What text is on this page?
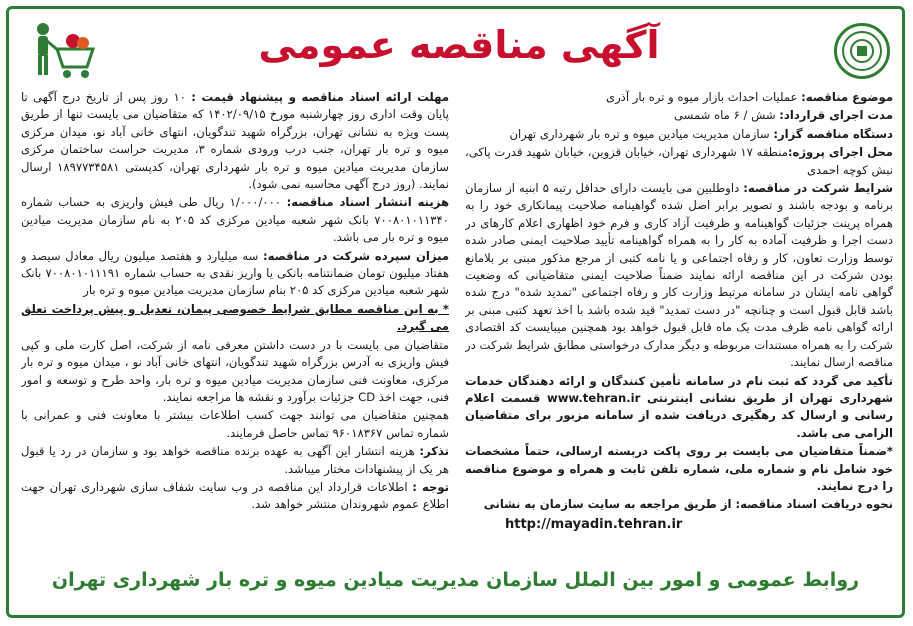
آگهی مناقصه عمومی

موضوع مناقصه: عملیات احداث بازار میوه و تره بار آذری

مدت اجرای قرارداد: شش / ۶ ماه شمسی

دستگاه مناقصه گزار: سازمان مدیریت میادین میوه و تره بار شهرداری تهران

محل اجرای پروژه:منطقه ۱۷ شهرداری تهران، خیابان قزوین، خیابان شهید قدرت پاکی، نبش کوچه احمدی

شرایط شرکت در مناقصه: داوطلبین می بایست دارای حداقل رتبه ۵ ابنیه از سازمان برنامه و بودجه باشند و تصویر برابر اصل شده گواهینامه صلاحیت پیمانکاری خود را به همراه پرینت جزئیات گواهینامه و ظرفیت آزاد کاری و فرم خود اظهاری اعلام کارهای در دست اجرا و ظرفیت آماده به کار را به همراه گواهینامه تأیید صلاحیت ایمنی صادر شده توسط وزارت تعاون، کار و رفاه اجتماعی و یا نامه کتبی از مرجع مذکور مبنی بر بلامانع بودن شرکت در این مناقصه ارائه نمایند ضمناً صلاحیت ایمنی متقاضیانی که وضعیت گواهی نامه ایشان در سامانه مرتبط وزارت کار و رفاه اجتماعی "تمدید شده" درج شده باشد قابل قبول است و چنانچه "در دست تمدید" قید شده باشد با اخذ تعهد کتبی مبنی بر ارائه گواهی نامه ظرف مدت یک ماه قابل قبول خواهد بود همچنین میبایست کد اقتصادی شرکت را به همراه مستندات مربوطه و دیگر مدارک درخواستی مطابق شرایط شرکت در مناقصه ارسال نمایند.

تأکید می گردد که ثبت نام در سامانه تأمین کنندگان و ارائه دهندگان خدمات شهرداری تهران از طریق نشانی اینترنتی www.tehran.ir قسمت اعلام رسانی و ارسال کد رهگیری دریافت شده از سامانه مزبور برای متقاضیان الزامی می باشد.

*ضمناً متقاضیان می بایست بر روی پاکت دربسته ارسالی، حتماً مشخصات خود شامل نام و شماره ملی، شماره تلفن ثابت و همراه و موضوع مناقصه را درج نمایند.

نحوه دریافت اسناد مناقصه: از طریق مراجعه به سایت سازمان به نشانی
http://mayadin.tehran.ir

مهلت ارائه اسناد مناقصه و پیشنهاد قیمت : ۱۰ روز پس از تاریخ درج آگهی تا پایان وقت اداری روز چهارشنبه مورخ ۱۴۰۲/۰۹/۱۵ که متقاضیان می بایست تنها از طریق پست ویژه به نشانی تهران، بزرگراه شهید تندگویان، انتهای خانی آباد نو، میدان مرکزی میوه و تره بار تهران، جنب درب ورودی شماره ۳، مدیریت حراست ساختمان مرکزی سازمان مدیریت میادین میوه و تره بار شهرداری تهران، کدپستی ۱۸۹۷۷۳۴۵۸۱ ارسال نمایند. (روز درج آگهی محاسبه نمی شود).

هزینه انتشار اسناد مناقصه: ۱/۰۰۰/۰۰۰ ریال طی فیش واریزی به حساب شماره ۷۰۰۸۰۱۰۱۱۳۴۰ بانک شهر شعبه میادین مرکزی کد ۲۰۵ به نام سازمان مدیریت میادین میوه و تره بار می باشد.

میزان سپرده شرکت در مناقصه: سه میلیارد و هفتصد میلیون ریال معادل سیصد و هفتاد میلیون تومان ضمانتنامه بانکی یا واریز نقدی به حساب شماره ۷۰۰۸۰۱۰۱۱۱۹۱ بانک شهر شعبه میادین مرکزی کد ۲۰۵ بنام سازمان مدیریت میادین میوه و تره بار

* به این مناقصه مطابق شرایط خصوصی پیمان، تعدیل و پیش پرداخت تعلق می گیرد.

متقاضیان می بایست با در دست داشتن معرفی نامه از شرکت، اصل کارت ملی و کپی فیش واریزی به آدرس بزرگراه شهید تندگویان، انتهای خانی آباد نو ، میدان میوه و تره بار مرکزی، معاونت فنی سازمان مدیریت میادین میوه و تره بار، واحد طرح و توسعه و امور فنی، جهت اخذ CD جزئیات برآورد و نقشه ها مراجعه نمایند.

همچنین متقاضیان می توانند جهت کسب اطلاعات بیشتر با معاونت فنی و عمرانی با شماره تماس ۹۶۰۱۸۳۶۷ تماس حاصل فرمایند.

تذکر: هزینه انتشار این آگهی به عهده برنده مناقصه خواهد بود و سازمان در رد یا قبول هر یک از پیشنهادات مختار میباشد.

توجه : اطلاعات قرارداد این مناقصه در وب سایت شفاف سازی شهرداری تهران جهت اطلاع عموم شهروندان منتشر خواهد شد.

روابط عمومی و امور بین الملل سازمان مدیریت میادین میوه و تره بار شهرداری تهران
